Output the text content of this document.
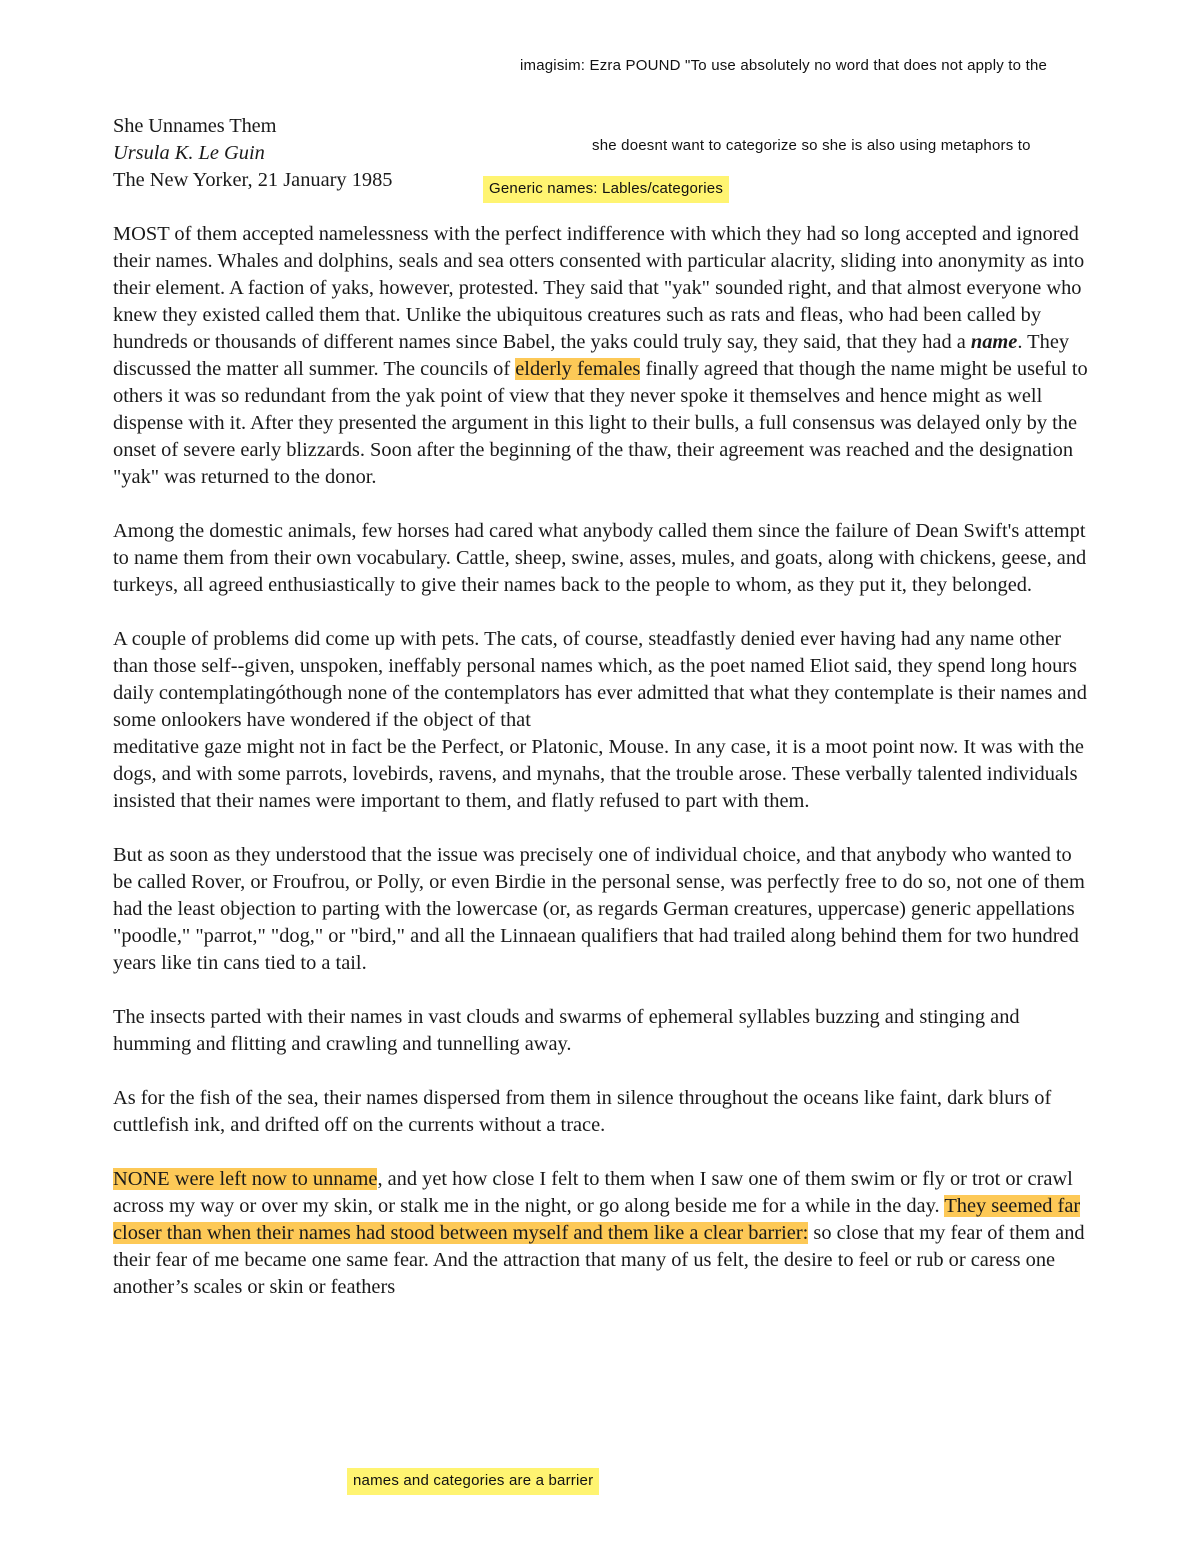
imagisim: Ezra POUND "To use absolutely no word that does not apply to the
she doesnt want to categorize so she is also using metaphors to
Generic names: Lables/categories

She Unnames Them

Ursula K. Le Guin

The New Yorker, 21 January 1985

MOST of them accepted namelessness with the perfect indifference with which they had so long accepted and ignored their names. Whales and dolphins, seals and sea otters consented with particular alacrity, sliding into anonymity as into their element. A faction of yaks, however, protested. They said that "yak" sounded right, and that almost everyone who knew they existed called them that. Unlike the ubiquitous creatures such as rats and fleas, who had been called by hundreds or thousands of different names since Babel, the yaks could truly say, they said, that they had a name. They discussed the matter all summer. The councils of elderly females finally agreed that though the name might be useful to others it was so redundant from the yak point of view that they never spoke it themselves and hence might as well dispense with it. After they presented the argument in this light to their bulls, a full consensus was delayed only by the onset of severe early blizzards. Soon after the beginning of the thaw, their agreement was reached and the designation "yak" was returned to the donor.

Among the domestic animals, few horses had cared what anybody called them since the failure of Dean Swift's attempt to name them from their own vocabulary. Cattle, sheep, swine, asses, mules, and goats, along with chickens, geese, and turkeys, all agreed enthusiastically to give their names back to the people to whom, as they put it, they belonged.

A couple of problems did come up with pets. The cats, of course, steadfastly denied ever having had any name other than those self--given, unspoken, ineffably personal names which, as the poet named Eliot said, they spend long hours daily contemplatingóthough none of the contemplators has ever admitted that what they contemplate is their names and some onlookers have wondered if the object of that

meditative gaze might not in fact be the Perfect, or Platonic, Mouse. In any case, it is a moot point now. It was with the dogs, and with some parrots, lovebirds, ravens, and mynahs, that the trouble arose. These verbally talented individuals insisted that their names were important to them, and flatly refused to part with them.

But as soon as they understood that the issue was precisely one of individual choice, and that anybody who wanted to be called Rover, or Froufrou, or Polly, or even Birdie in the personal sense, was perfectly free to do so, not one of them had the least objection to parting with the lowercase (or, as regards German creatures, uppercase) generic appellations "poodle," "parrot," "dog," or "bird," and all the Linnaean qualifiers that had trailed along behind them for two hundred years like tin cans tied to a tail.

The insects parted with their names in vast clouds and swarms of ephemeral syllables buzzing and stinging and humming and flitting and crawling and tunnelling away.

As for the fish of the sea, their names dispersed from them in silence throughout the oceans like faint, dark blurs of cuttlefish ink, and drifted off on the currents without a trace.

NONE were left now to unname, and yet how close I felt to them when I saw one of them swim or fly or trot or crawl across my way or over my skin, or stalk me in the night, or go along beside me for a while in the day. They seemed far closer than when their names had stood between myself and them like a clear barrier: so close that my fear of them and their fear of me became one same fear. And the attraction that many of us felt, the desire to feel or rub or caress one another’s scales or skin or feathers

names and categories are a barrier
